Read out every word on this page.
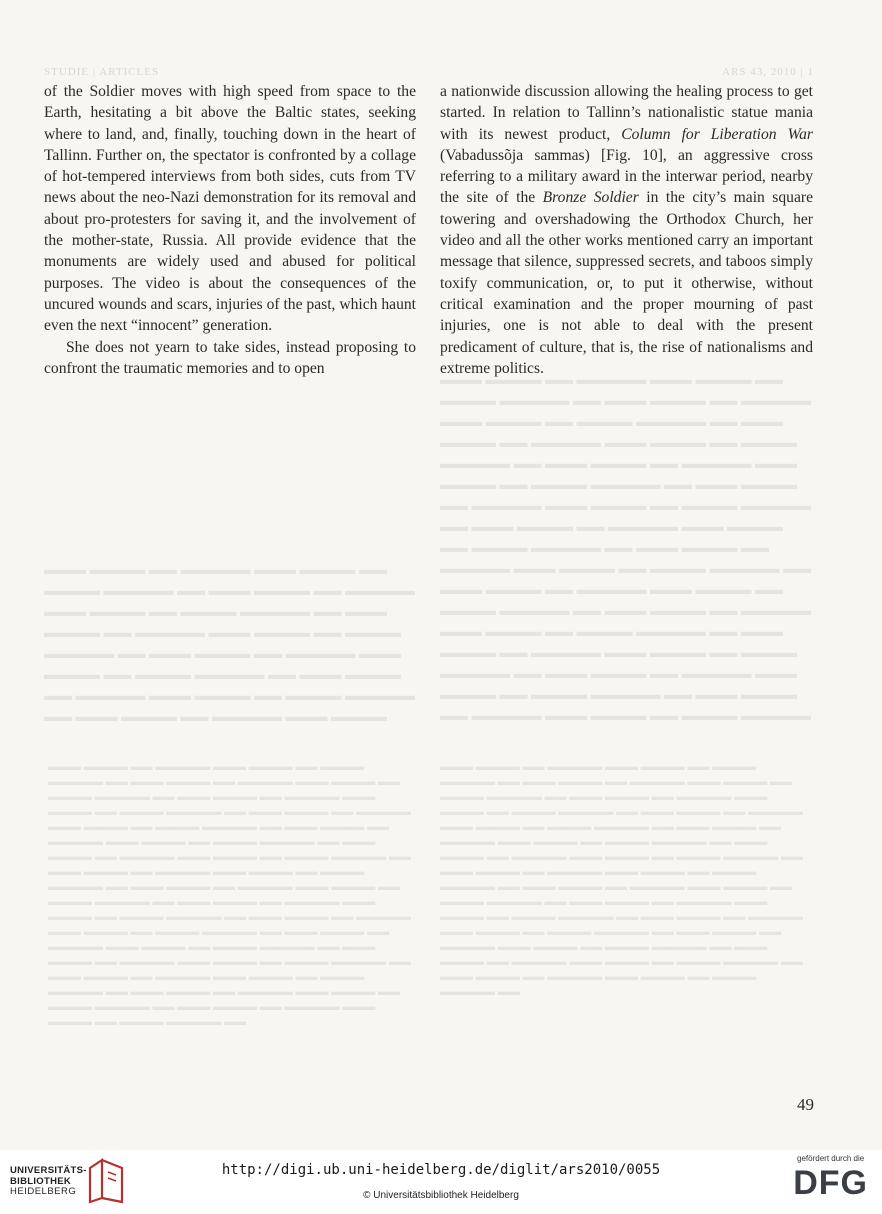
STUDIE | ARTICLES	ARS 43, 2010 | 1

of the Soldier moves with high speed from space to the Earth, hesitating a bit above the Baltic states, seeking where to land, and, finally, touching down in the heart of Tallinn. Further on, the spectator is confronted by a collage of hot-tempered interviews from both sides, cuts from TV news about the neo-Nazi demonstration for its removal and about pro-protesters for saving it, and the involvement of the mother-state, Russia. All provide evidence that the monuments are widely used and abused for political purposes. The video is about the consequences of the uncured wounds and scars, injuries of the past, which haunt even the next “innocent” generation.

She does not yearn to take sides, instead proposing to confront the traumatic memories and to open

a nationwide discussion allowing the healing process to get started. In relation to Tallinn’s nationalistic statue mania with its newest product, Column for Liberation War (Vabadussõja sammas) [Fig. 10], an aggressive cross referring to a military award in the interwar period, nearby the site of the Bronze Soldier in the city’s main square towering and overshadowing the Orthodox Church, her video and all the other works mentioned carry an important message that silence, suppressed secrets, and taboos simply toxify communication, or, to put it otherwise, without critical examination and the proper mourning of past injuries, one is not able to deal with the present predicament of culture, that is, the rise of nationalisms and extreme politics.

▬▬▬ ▬▬▬▬ ▬▬ ▬▬▬▬▬ ▬▬▬ ▬▬▬▬ ▬▬ ▬▬▬▬ ▬▬▬▬▬ ▬▬ ▬▬▬ ▬▬▬▬ ▬▬ ▬▬▬▬▬ ▬▬▬ ▬▬▬▬ ▬▬ ▬▬▬▬ ▬▬▬▬▬ ▬▬ ▬▬▬ ▬▬▬▬ ▬▬ ▬▬▬▬▬ ▬▬▬ ▬▬▬▬ ▬▬ ▬▬▬▬ ▬▬▬▬▬ ▬▬ ▬▬▬ ▬▬▬▬ ▬▬ ▬▬▬▬▬ ▬▬▬ ▬▬▬▬ ▬▬ ▬▬▬▬ ▬▬▬▬▬ ▬▬ ▬▬▬ ▬▬▬▬ ▬▬ ▬▬▬▬▬ ▬▬▬ ▬▬▬▬ ▬▬ ▬▬▬▬ ▬▬▬▬▬ ▬▬ ▬▬▬ ▬▬▬▬ ▬▬ ▬▬▬▬▬ ▬▬▬ ▬▬▬▬ ▬▬ ▬▬▬▬ ▬▬▬▬▬ ▬▬ ▬▬▬ ▬▬▬▬ ▬▬ ▬▬▬▬▬ ▬▬▬ ▬▬▬▬ ▬▬ ▬▬▬▬ ▬▬▬▬▬ ▬▬ ▬▬▬ ▬▬▬▬ ▬▬ ▬▬▬▬▬ ▬▬▬ ▬▬▬▬ ▬▬ ▬▬▬▬ ▬▬▬▬▬ ▬▬ ▬▬▬ ▬▬▬▬ ▬▬ ▬▬▬▬▬ ▬▬▬ ▬▬▬▬ ▬▬ ▬▬▬▬ ▬▬▬▬▬ ▬▬ ▬▬▬ ▬▬▬▬ ▬▬ ▬▬▬▬▬ ▬▬▬ ▬▬▬▬ ▬▬ ▬▬▬▬ ▬▬▬▬▬ ▬▬ ▬▬▬ ▬▬▬▬ ▬▬ ▬▬▬▬▬ ▬▬▬ ▬▬▬▬ ▬▬ ▬▬▬▬ ▬▬▬▬▬ ▬▬ ▬▬▬ ▬▬▬▬ ▬▬ ▬▬▬▬▬ ▬▬▬ ▬▬▬▬ ▬▬ ▬▬▬▬ ▬▬▬▬▬
▬▬▬ ▬▬▬▬ ▬▬ ▬▬▬▬▬ ▬▬▬ ▬▬▬▬ ▬▬ ▬▬▬▬ ▬▬▬▬▬ ▬▬ ▬▬▬ ▬▬▬▬ ▬▬ ▬▬▬▬▬ ▬▬▬ ▬▬▬▬ ▬▬ ▬▬▬▬ ▬▬▬▬▬ ▬▬ ▬▬▬ ▬▬▬▬ ▬▬ ▬▬▬▬▬ ▬▬▬ ▬▬▬▬ ▬▬ ▬▬▬▬ ▬▬▬▬▬ ▬▬ ▬▬▬ ▬▬▬▬ ▬▬ ▬▬▬▬▬ ▬▬▬ ▬▬▬▬ ▬▬ ▬▬▬▬ ▬▬▬▬▬ ▬▬ ▬▬▬ ▬▬▬▬ ▬▬ ▬▬▬▬▬ ▬▬▬ ▬▬▬▬ ▬▬ ▬▬▬▬ ▬▬▬▬▬ ▬▬ ▬▬▬ ▬▬▬▬ ▬▬ ▬▬▬▬▬ ▬▬▬ ▬▬▬▬
▬▬▬ ▬▬▬▬ ▬▬ ▬▬▬▬▬ ▬▬▬ ▬▬▬▬ ▬▬ ▬▬▬▬ ▬▬▬▬▬ ▬▬ ▬▬▬ ▬▬▬▬ ▬▬ ▬▬▬▬▬ ▬▬▬ ▬▬▬▬ ▬▬ ▬▬▬▬ ▬▬▬▬▬ ▬▬ ▬▬▬ ▬▬▬▬ ▬▬ ▬▬▬▬▬ ▬▬▬ ▬▬▬▬ ▬▬ ▬▬▬▬ ▬▬▬▬▬ ▬▬ ▬▬▬ ▬▬▬▬ ▬▬ ▬▬▬▬▬ ▬▬▬ ▬▬▬▬ ▬▬ ▬▬▬▬ ▬▬▬▬▬ ▬▬ ▬▬▬ ▬▬▬▬ ▬▬ ▬▬▬▬▬ ▬▬▬ ▬▬▬▬ ▬▬ ▬▬▬▬ ▬▬▬▬▬ ▬▬ ▬▬▬ ▬▬▬▬ ▬▬ ▬▬▬▬▬ ▬▬▬ ▬▬▬▬ ▬▬ ▬▬▬▬ ▬▬▬▬▬ ▬▬ ▬▬▬ ▬▬▬▬ ▬▬ ▬▬▬▬▬ ▬▬▬ ▬▬▬▬ ▬▬ ▬▬▬▬ ▬▬▬▬▬ ▬▬ ▬▬▬ ▬▬▬▬ ▬▬ ▬▬▬▬▬ ▬▬▬ ▬▬▬▬ ▬▬ ▬▬▬▬ ▬▬▬▬▬ ▬▬ ▬▬▬ ▬▬▬▬ ▬▬ ▬▬▬▬▬ ▬▬▬ ▬▬▬▬ ▬▬ ▬▬▬▬ ▬▬▬▬▬ ▬▬ ▬▬▬ ▬▬▬▬ ▬▬ ▬▬▬▬▬ ▬▬▬ ▬▬▬▬ ▬▬ ▬▬▬▬ ▬▬▬▬▬ ▬▬ ▬▬▬ ▬▬▬▬ ▬▬ ▬▬▬▬▬ ▬▬▬ ▬▬▬▬ ▬▬ ▬▬▬▬ ▬▬▬▬▬ ▬▬ ▬▬▬ ▬▬▬▬ ▬▬ ▬▬▬▬▬ ▬▬▬ ▬▬▬▬ ▬▬ ▬▬▬▬ ▬▬▬▬▬ ▬▬ ▬▬▬ ▬▬▬▬ ▬▬ ▬▬▬▬▬ ▬▬▬ ▬▬▬▬ ▬▬ ▬▬▬▬ ▬▬▬▬▬ ▬▬ ▬▬▬ ▬▬▬▬ ▬▬ ▬▬▬▬▬ ▬▬▬ ▬▬▬▬ ▬▬ ▬▬▬▬ ▬▬▬▬▬ ▬▬ ▬▬▬ ▬▬▬▬ ▬▬ ▬▬▬▬▬ ▬▬▬ ▬▬▬▬ ▬▬ ▬▬▬▬ ▬▬▬▬▬ ▬▬
▬▬▬ ▬▬▬▬ ▬▬ ▬▬▬▬▬ ▬▬▬ ▬▬▬▬ ▬▬ ▬▬▬▬ ▬▬▬▬▬ ▬▬ ▬▬▬ ▬▬▬▬ ▬▬ ▬▬▬▬▬ ▬▬▬ ▬▬▬▬ ▬▬ ▬▬▬▬ ▬▬▬▬▬ ▬▬ ▬▬▬ ▬▬▬▬ ▬▬ ▬▬▬▬▬ ▬▬▬ ▬▬▬▬ ▬▬ ▬▬▬▬ ▬▬▬▬▬ ▬▬ ▬▬▬ ▬▬▬▬ ▬▬ ▬▬▬▬▬ ▬▬▬ ▬▬▬▬ ▬▬ ▬▬▬▬ ▬▬▬▬▬ ▬▬ ▬▬▬ ▬▬▬▬ ▬▬ ▬▬▬▬▬ ▬▬▬ ▬▬▬▬ ▬▬ ▬▬▬▬ ▬▬▬▬▬ ▬▬ ▬▬▬ ▬▬▬▬ ▬▬ ▬▬▬▬▬ ▬▬▬ ▬▬▬▬ ▬▬ ▬▬▬▬ ▬▬▬▬▬ ▬▬ ▬▬▬ ▬▬▬▬ ▬▬ ▬▬▬▬▬ ▬▬▬ ▬▬▬▬ ▬▬ ▬▬▬▬ ▬▬▬▬▬ ▬▬ ▬▬▬ ▬▬▬▬ ▬▬ ▬▬▬▬▬ ▬▬▬ ▬▬▬▬ ▬▬ ▬▬▬▬ ▬▬▬▬▬ ▬▬ ▬▬▬ ▬▬▬▬ ▬▬ ▬▬▬▬▬ ▬▬▬ ▬▬▬▬ ▬▬ ▬▬▬▬ ▬▬▬▬▬ ▬▬ ▬▬▬ ▬▬▬▬ ▬▬ ▬▬▬▬▬ ▬▬▬ ▬▬▬▬ ▬▬ ▬▬▬▬ ▬▬▬▬▬ ▬▬ ▬▬▬ ▬▬▬▬ ▬▬ ▬▬▬▬▬ ▬▬▬ ▬▬▬▬ ▬▬ ▬▬▬▬ ▬▬▬▬▬ ▬▬ ▬▬▬ ▬▬▬▬ ▬▬ ▬▬▬▬▬ ▬▬▬ ▬▬▬▬ ▬▬ ▬▬▬▬ ▬▬▬▬▬ ▬▬ ▬▬▬ ▬▬▬▬ ▬▬ ▬▬▬▬▬ ▬▬▬ ▬▬▬▬ ▬▬ ▬▬▬▬ ▬▬▬▬▬ ▬▬
49
UNIVERSITÄTS-
BIBLIOTHEK
HEIDELBERG
http://digi.ub.uni-heidelberg.de/diglit/ars2010/0055
© Universitätsbibliothek Heidelberg
gefördert durch die
DFG
